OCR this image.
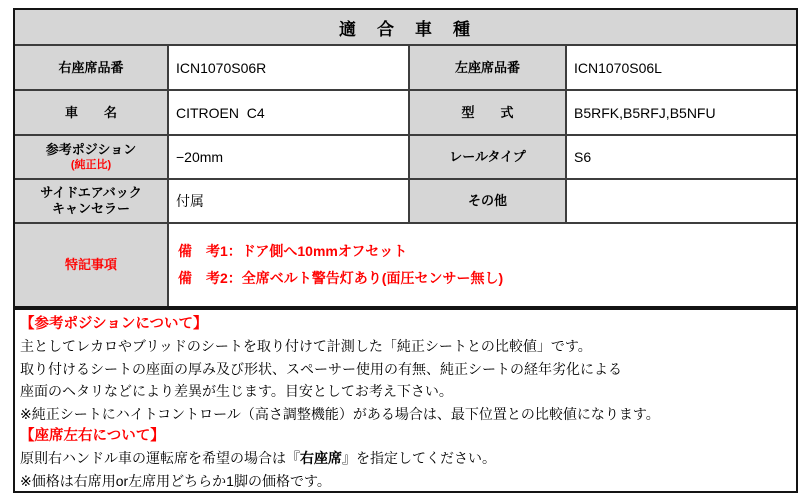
適　合　車　種
右座席品番	ICN1070S06R	左座席品番	ICN1070S06L
車　　名	CITROEN  C4	型　　式	B5RFK,B5RFJ,B5NFU
参考ポジション
(純正比)	−20mm	レールタイプ	S6
サイドエアバック
キャンセラー	付属	その他
特記事項
備　考1：ドア側へ10mmオフセット
備　考2：全席ベルト警告灯あり(面圧センサー無し)
【参考ポジションについて】
主としてレカロやブリッドのシートを取り付けて計測した「純正シートとの比較値」です。
取り付けるシートの座面の厚み及び形状、スペーサー使用の有無、純正シートの経年劣化による
座面のヘタリなどにより差異が生じます。目安としてお考え下さい。
※純正シートにハイトコントロール（高さ調整機能）がある場合は、最下位置との比較値になります。
【座席左右について】
原則右ハンドル車の運転席を希望の場合は『右座席』を指定してください。
※価格は右席用or左席用どちらか1脚の価格です。
